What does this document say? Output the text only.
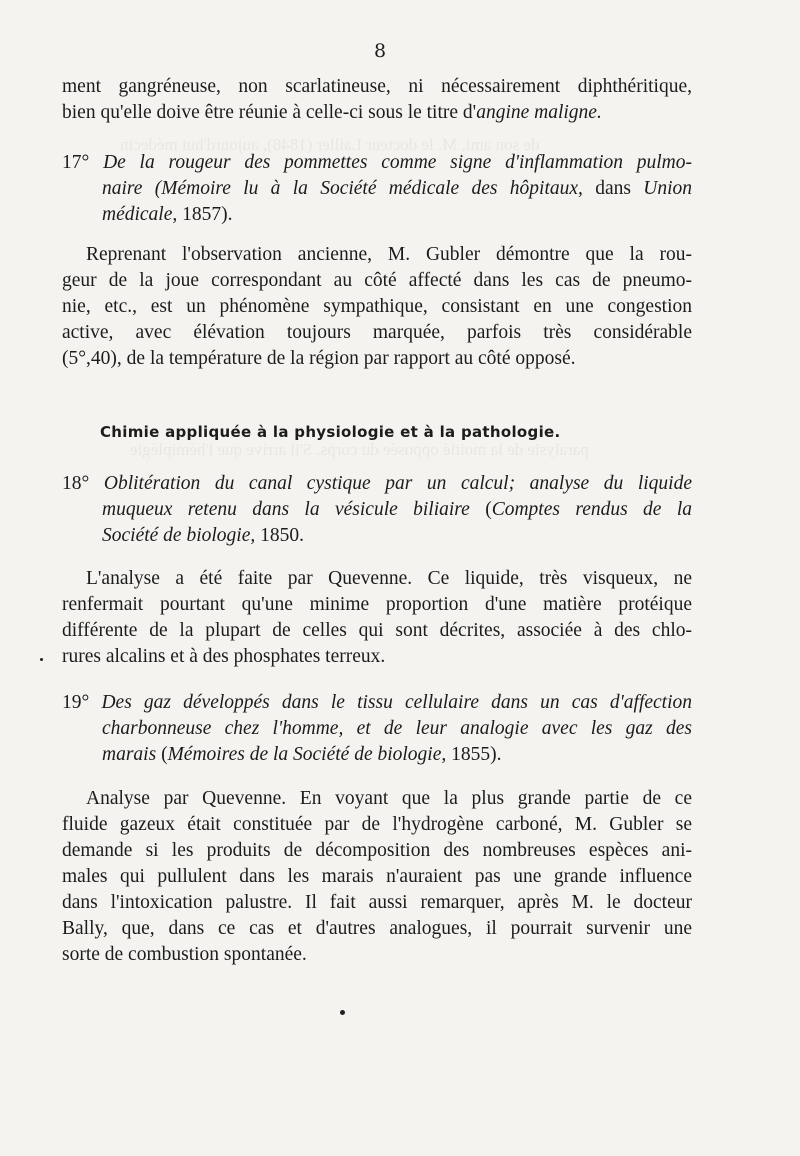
de son ami, M. le docteur Lailler (1848), aujourd'hui médecin
paralysie de la moitié opposée du corps. S'il arrive que l'hémiplégie
8
ment gangréneuse, non scarlatineuse, ni nécessairement diphthéritique,
bien qu'elle doive être réunie à celle-ci sous le titre d'angine maligne.
17° De la rougeur des pommettes comme signe d'inflammation pulmo-
naire (Mémoire lu à la Société médicale des hôpitaux, dans Union
médicale, 1857).
Reprenant l'observation ancienne, M. Gubler démontre que la rou-
geur de la joue correspondant au côté affecté dans les cas de pneumo-
nie, etc., est un phénomène sympathique, consistant en une congestion
active, avec élévation toujours marquée, parfois très considérable
(5°,40), de la température de la région par rapport au côté opposé.
Chimie appliquée à la physiologie et à la pathologie.
18° Oblitération du canal cystique par un calcul; analyse du liquide
muqueux retenu dans la vésicule biliaire (Comptes rendus de la
Société de biologie, 1850.
L'analyse a été faite par Quevenne. Ce liquide, très visqueux, ne
renfermait pourtant qu'une minime proportion d'une matière protéique
différente de la plupart de celles qui sont décrites, associée à des chlo-
rures alcalins et à des phosphates terreux.
19° Des gaz développés dans le tissu cellulaire dans un cas d'affection
charbonneuse chez l'homme, et de leur analogie avec les gaz des
marais (Mémoires de la Société de biologie, 1855).
Analyse par Quevenne. En voyant que la plus grande partie de ce
fluide gazeux était constituée par de l'hydrogène carboné, M. Gubler se
demande si les produits de décomposition des nombreuses espèces ani-
males qui pullulent dans les marais n'auraient pas une grande influence
dans l'intoxication palustre. Il fait aussi remarquer, après M. le docteur
Bally, que, dans ce cas et d'autres analogues, il pourrait survenir une
sorte de combustion spontanée.
